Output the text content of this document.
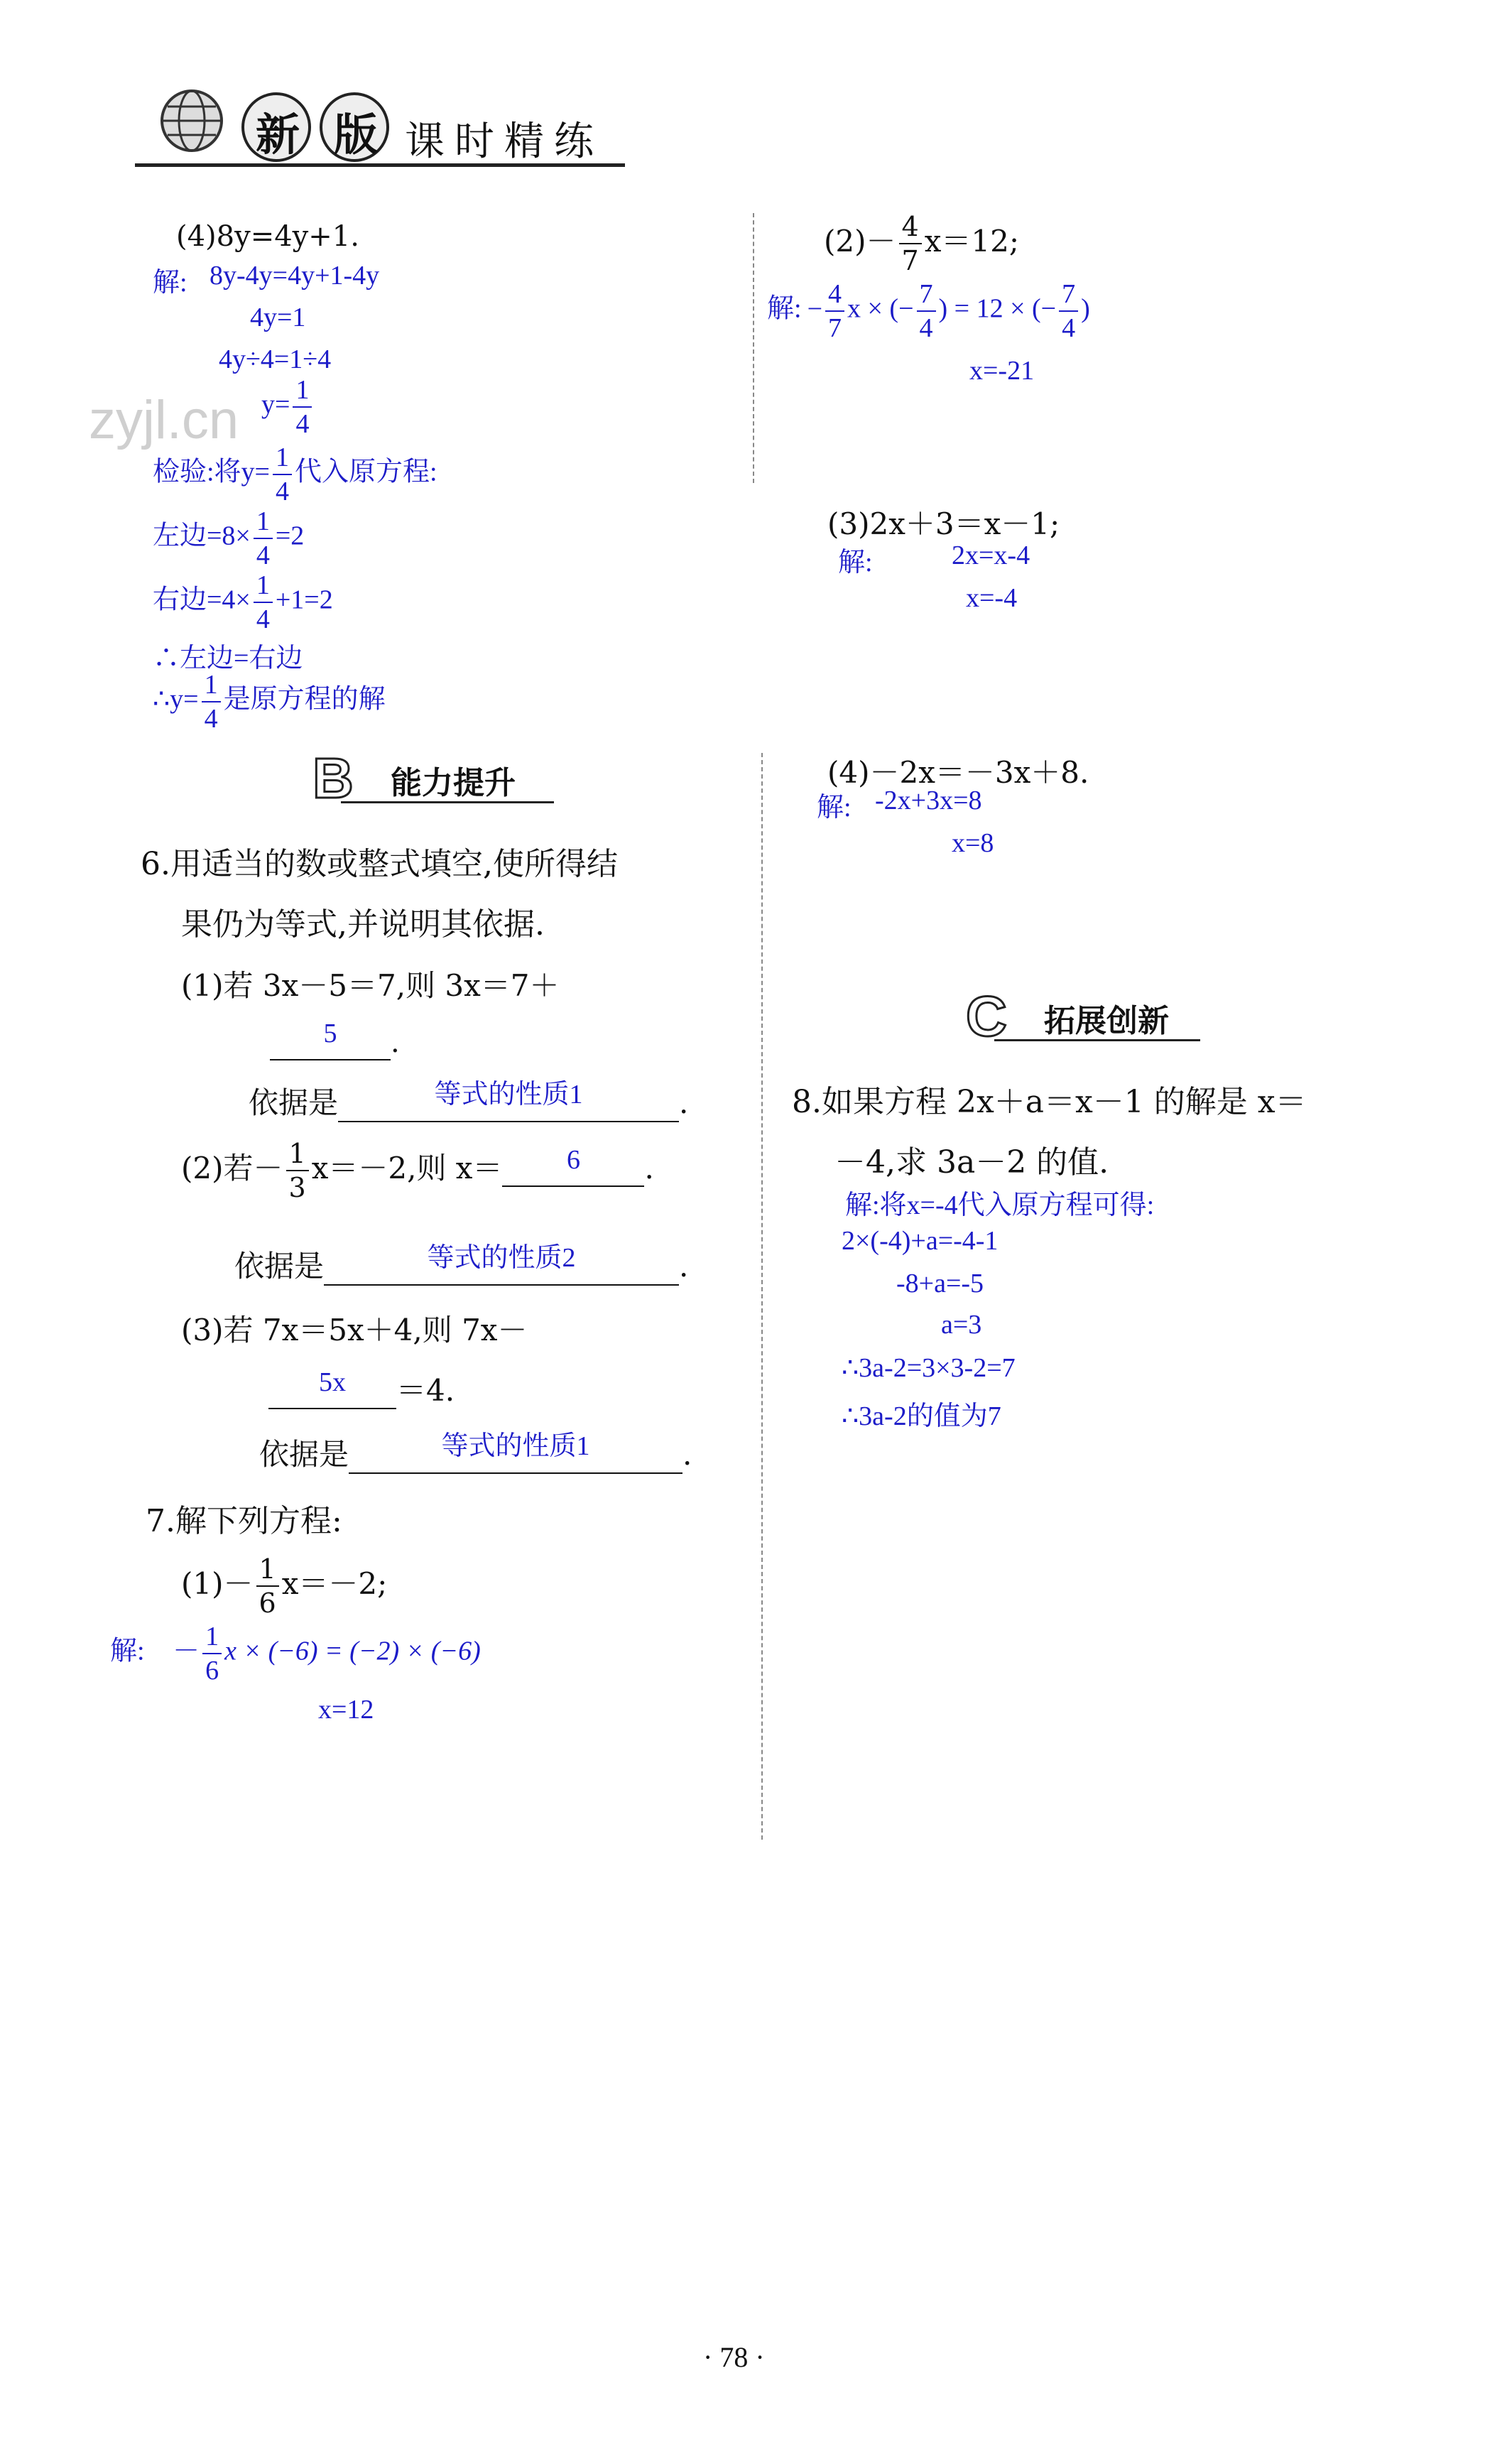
新 版 课时精练
zyjl.cn
(4)8y=4y+1.
解: 8y-4y=4y+1-4y
4y=1
4y÷4=1÷4
$y= \frac{1}{4}$
检验:将$y= \frac{1}{4}$ 代入原方程:
左边$=8\times \frac{1}{4} =2$
右边$=4\times \frac{1}{4} +1=2$
∴左边=右边
∴y= $\frac{1}{4}$ 是原方程的解
B 能力提升
6.用适当的数或整式填空,使所得结
果仍为等式,并说明其依据.
(1)若 3x－5＝7,则 3x＝7＋
5 .
依据是	等式的性质1	.
(2)若－ $\frac{1}{3} x=-2$,则 x＝ 6 .
依据是	等式的性质2	.
(3)若 7x＝5x＋4,则 7x－
5x ＝4.
依据是	等式的性质1	.
7.解下列方程:
$(1)- \frac{1}{6} x=-2$;
解: － $\frac{1}{6}$ x × (−6) = (−2) × (−6)
x=12
$(2)- \frac{4}{7} x=12$;
解: − $\frac{4}{7}$ x × (− $\frac{7}{4}$ ) = 12 × (− $\frac{7}{4}$ )
x=-21
(3)2x＋3＝x－1;
解:	2x=x-4
x=-4
(4)－2x＝－3x＋8.
解: -2x+3x=8
x=8
C 拓展创新
8.如果方程 2x＋a＝x－1 的解是 x＝
－4,求 3a－2 的值.
解:将x=-4代入原方程可得:
2×(-4)+a=-4-1
-8+a=-5
a=3
∴3a-2=3×3-2=7
∴3a-2的值为7
· 78 ·
